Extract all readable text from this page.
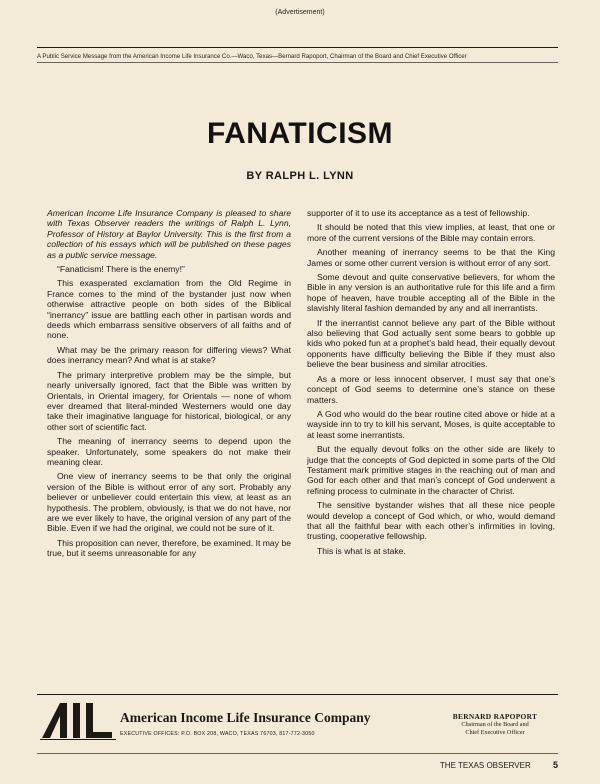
(Advertisement)
A Public Service Message from the American Income Life Insurance Co.—Waco, Texas—Bernard Rapoport, Chairman of the Board and Chief Executive Officer
FANATICISM
BY RALPH L. LYNN

American Income Life Insurance Company is pleased to share with Texas Observer readers the writings of Ralph L. Lynn, Professor of History at Baylor University. This is the first from a collection of his essays which will be published on these pages as a public service message.

“Fanaticism! There is the enemy!”

This exasperated exclamation from the Old Regime in France comes to the mind of the bystander just now when otherwise attractive people on both sides of the Biblical “inerrancy” issue are battling each other in partisan words and deeds which embarrass sensitive observers of all faiths and of none.

What may be the primary reason for differing views? What does inerrancy mean? And what is at stake?

The primary interpretive problem may be the simple, but nearly universally ignored, fact that the Bible was written by Orientals, in Oriental imagery, for Orientals — none of whom ever dreamed that literal-minded Westerners would one day take their imaginative language for historical, biological, or any other sort of scientific fact.

The meaning of inerrancy seems to depend upon the speaker. Unfortunately, some speakers do not make their meaning clear.

One view of inerrancy seems to be that only the original version of the Bible is without error of any sort. Probably any believer or unbeliever could entertain this view, at least as an hypothesis. The problem, obviously, is that we do not have, nor are we ever likely to have, the original version of any part of the Bible. Even if we had the original, we could not be sure of it.

This proposition can never, therefore, be examined. It may be true, but it seems unreasonable for any

supporter of it to use its acceptance as a test of fellowship.

It should be noted that this view implies, at least, that one or more of the current versions of the Bible may contain errors.

Another meaning of inerrancy seems to be that the King James or some other current version is without error of any sort.

Some devout and quite conservative believers, for whom the Bible in any version is an authoritative rule for this life and a firm hope of heaven, have trouble accepting all of the Bible in the slavishly literal fashion demanded by any and all inerrantists.

If the inerrantist cannot believe any part of the Bible without also believing that God actually sent some bears to gobble up kids who poked fun at a prophet’s bald head, their equally devout opponents have difficulty believing the Bible if they must also believe the bear business and similar atrocities.

As a more or less innocent observer, I must say that one’s concept of God seems to determine one’s stance on these matters.

A God who would do the bear routine cited above or hide at a wayside inn to try to kill his servant, Moses, is quite acceptable to at least some inerrantists.

But the equally devout folks on the other side are likely to judge that the concepts of God depicted in some parts of the Old Testament mark primitive stages in the reaching out of man and God for each other and that man’s concept of God underwent a refining process to culminate in the character of Christ.

The sensitive bystander wishes that all these nice people would develop a concept of God which, or who, would demand that all the faithful bear with each other’s infirmities in loving, trusting, cooperative fellowship.

This is what is at stake.

American Income Life Insurance Company
EXECUTIVE OFFICES: P.O. BOX 208, WACO, TEXAS 76703, 817-772-3050
BERNARD RAPOPORT
Chairman of the Board and
Chief Executive Officer
THE TEXAS OBSERVER 5
